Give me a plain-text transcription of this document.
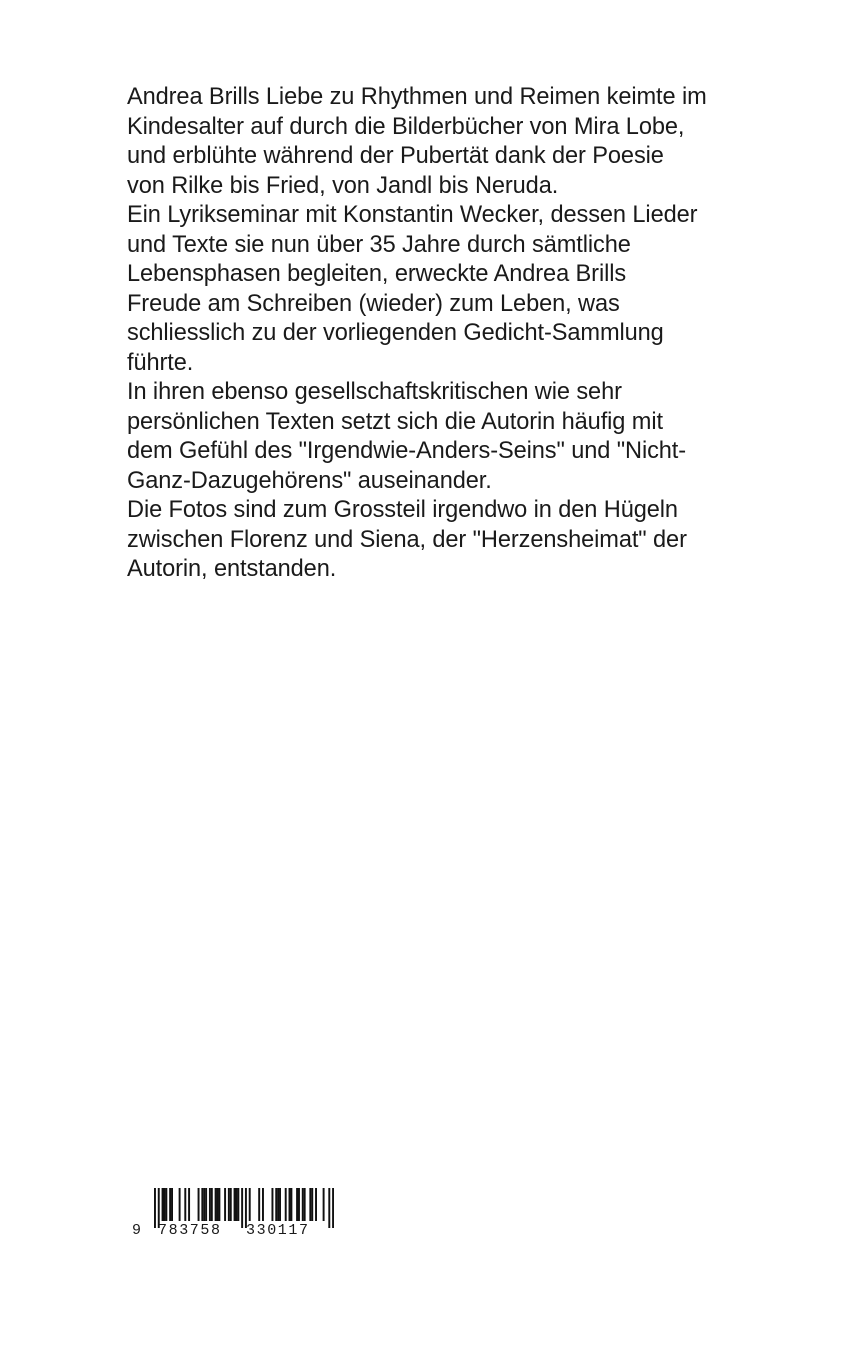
Andrea Brills Liebe zu Rhythmen und Reimen keimte im
Kindesalter auf durch die Bilderbücher von Mira Lobe,
und erblühte während der Pubertät dank der Poesie
von Rilke bis Fried, von Jandl bis Neruda.
Ein Lyrikseminar mit Konstantin Wecker, dessen Lieder
und Texte sie nun über 35 Jahre durch sämtliche
Lebensphasen begleiten, erweckte Andrea Brills
Freude am Schreiben (wieder) zum Leben, was
schliesslich zu der vorliegenden Gedicht-Sammlung
führte.
In ihren ebenso gesellschaftskritischen wie sehr
persönlichen Texten setzt sich die Autorin häufig mit
dem Gefühl des "Irgendwie-Anders-Seins" und "Nicht-
Ganz-Dazugehörens" auseinander.
Die Fotos sind zum Grossteil irgendwo in den Hügeln
zwischen Florenz und Siena, der "Herzensheimat" der
Autorin, entstanden.
9 783758 330117
